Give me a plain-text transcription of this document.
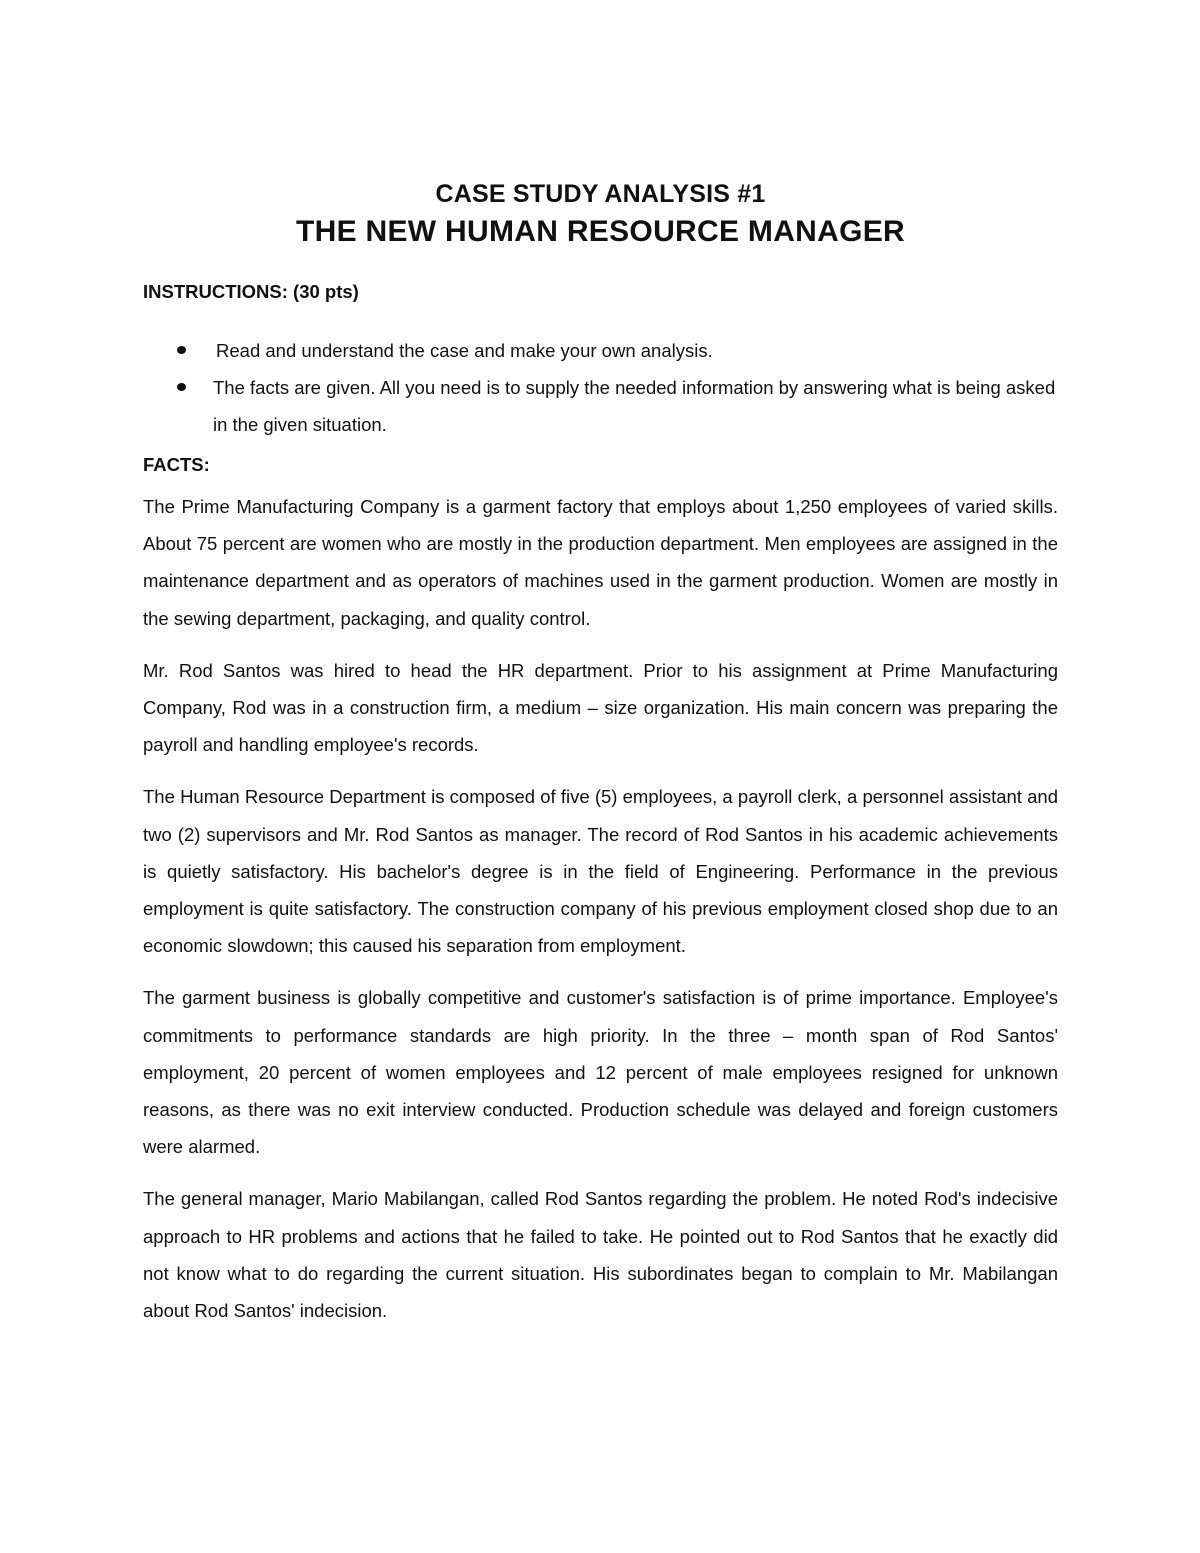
CASE STUDY ANALYSIS #1
THE NEW HUMAN RESOURCE MANAGER

INSTRUCTIONS: (30 pts)

Read and understand the case and make your own analysis.
The facts are given. All you need is to supply the needed information by answering what is being asked in the given situation.

FACTS:

The Prime Manufacturing Company is a garment factory that employs about 1,250 employees of varied skills. About 75 percent are women who are mostly in the production department. Men employees are assigned in the maintenance department and as operators of machines used in the garment production. Women are mostly in the sewing department, packaging, and quality control.

Mr. Rod Santos was hired to head the HR department. Prior to his assignment at Prime Manufacturing Company, Rod was in a construction firm, a medium – size organization. His main concern was preparing the payroll and handling employee's records.

The Human Resource Department is composed of five (5) employees, a payroll clerk, a personnel assistant and two (2) supervisors and Mr. Rod Santos as manager. The record of Rod Santos in his academic achievements is quietly satisfactory. His bachelor's degree is in the field of Engineering. Performance in the previous employment is quite satisfactory. The construction company of his previous employment closed shop due to an economic slowdown; this caused his separation from employment.

The garment business is globally competitive and customer's satisfaction is of prime importance. Employee's commitments to performance standards are high priority. In the three – month span of Rod Santos' employment, 20 percent of women employees and 12 percent of male employees resigned for unknown reasons, as there was no exit interview conducted. Production schedule was delayed and foreign customers were alarmed.

The general manager, Mario Mabilangan, called Rod Santos regarding the problem. He noted Rod's indecisive approach to HR problems and actions that he failed to take. He pointed out to Rod Santos that he exactly did not know what to do regarding the current situation. His subordinates began to complain to Mr. Mabilangan about Rod Santos' indecision.
